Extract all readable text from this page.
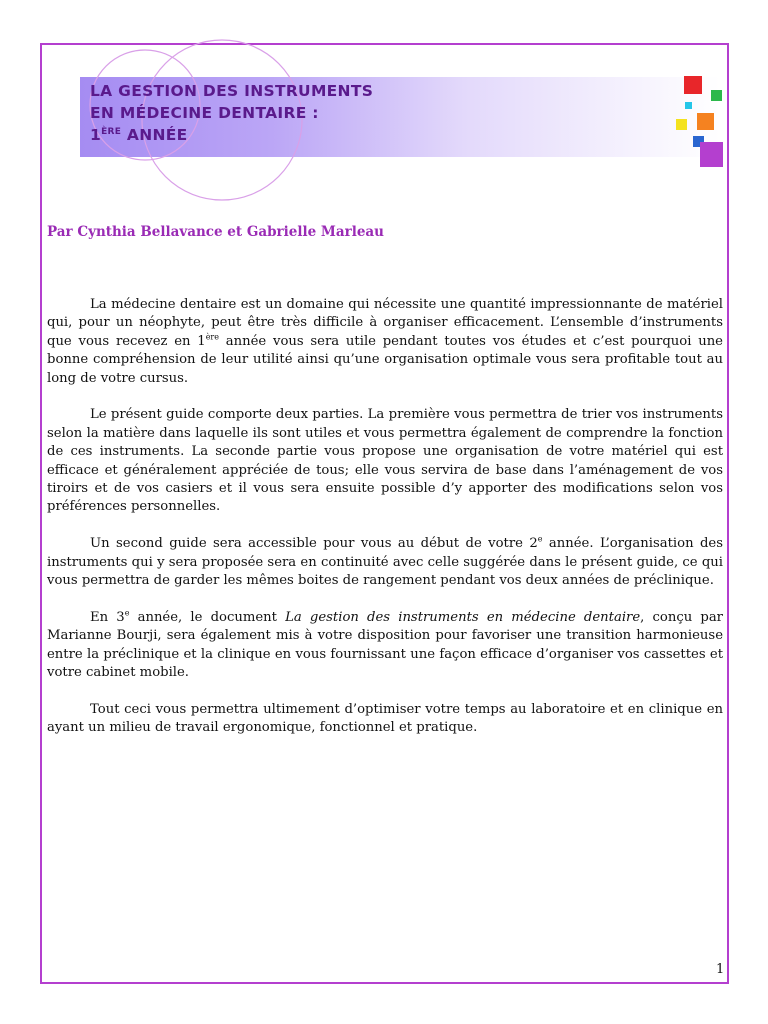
LA GESTION DES INSTRUMENTS
EN MÉDECINE DENTAIRE :
1ÈRE ANNÉE

Par Cynthia Bellavance et Gabrielle Marleau

La médecine dentaire est un domaine qui nécessite une quantité impressionnante de matériel qui, pour un néophyte, peut être très difficile à organiser efficacement. L’ensemble d’instruments que vous recevez en 1ère année vous sera utile pendant toutes vos études et c’est pourquoi une bonne compréhension de leur utilité ainsi qu’une organisation optimale vous sera profitable tout au long de votre cursus.

Le présent guide comporte deux parties. La première vous permettra de trier vos instruments selon la matière dans laquelle ils sont utiles et vous permettra également de comprendre la fonction de ces instruments. La seconde partie vous propose une organisation de votre matériel qui est efficace et généralement appréciée de tous; elle vous servira de base dans l’aménagement de vos tiroirs et de vos casiers et il vous sera ensuite possible d’y apporter des modifications selon vos préférences personnelles.

Un second guide sera accessible pour vous au début de votre 2e année. L’organisation des instruments qui y sera proposée sera en continuité avec celle suggérée dans le présent guide, ce qui vous permettra de garder les mêmes boites de rangement pendant vos deux années de préclinique.

En 3e année, le document La gestion des instruments en médecine dentaire, conçu par Marianne Bourji, sera également mis à votre disposition pour favoriser une transition harmonieuse entre la préclinique et la clinique en vous fournissant une façon efficace d’organiser vos cassettes et votre cabinet mobile.

Tout ceci vous permettra ultimement d’optimiser votre temps au laboratoire et en clinique en ayant un milieu de travail ergonomique, fonctionnel et pratique.

1
